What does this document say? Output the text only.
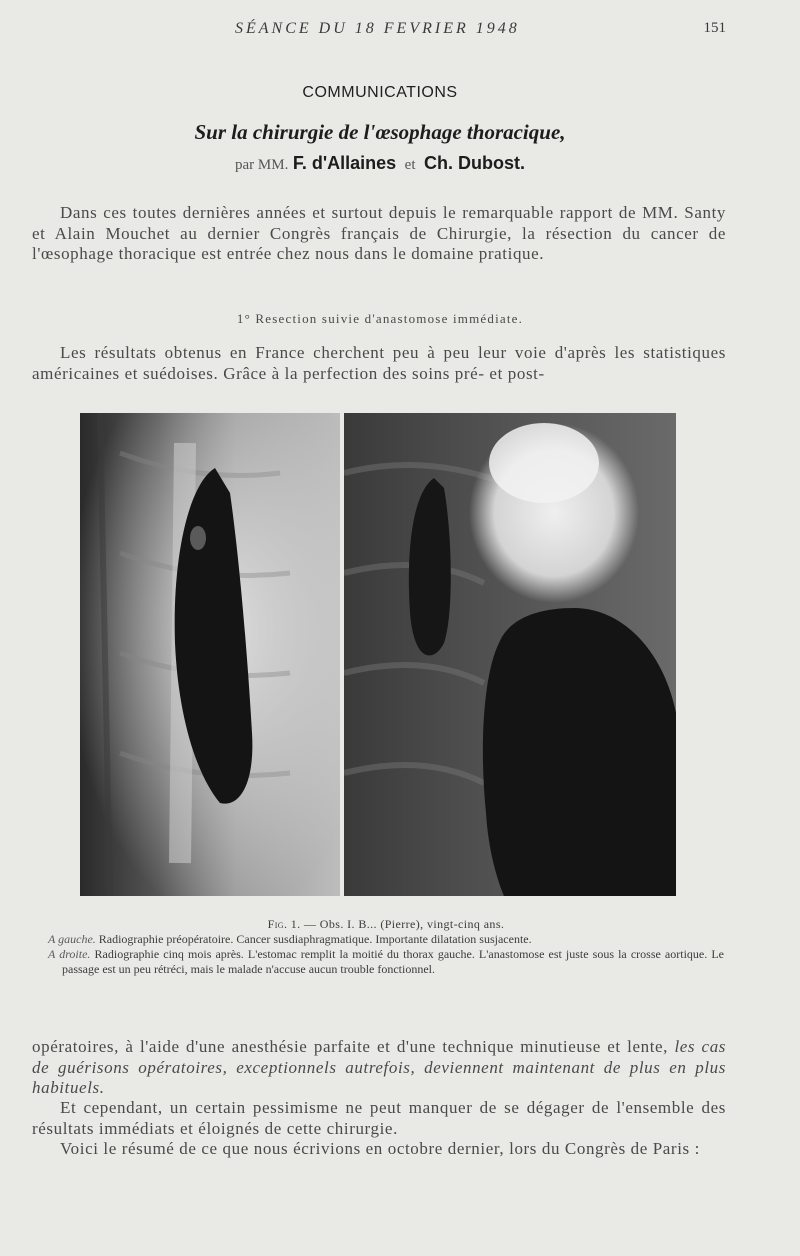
SÉANCE DU 18 FEVRIER 1948	151
COMMUNICATIONS
Sur la chirurgie de l'œsophage thoracique,
par MM. F. d'Allaines et Ch. Dubost.

Dans ces toutes dernières années et surtout depuis le remarquable rapport de MM. Santy et Alain Mouchet au dernier Congrès français de Chirurgie, la résection du cancer de l'œsophage thoracique est entrée chez nous dans le domaine pratique.

1° Resection suivie d'anastomose immédiate.

Les résultats obtenus en France cherchent peu à peu leur voie d'après les statistiques américaines et suédoises. Grâce à la perfection des soins pré- et post-

Fig. 1. — Obs. I. B... (Pierre), vingt-cinq ans.

A gauche. Radiographie préopératoire. Cancer susdiaphragmatique. Importante dilatation susjacente.

A droite. Radiographie cinq mois après. L'estomac remplit la moitié du thorax gauche. L'anastomose est juste sous la crosse aortique. Le passage est un peu rétréci, mais le malade n'accuse aucun trouble fonctionnel.

opératoires, à l'aide d'une anesthésie parfaite et d'une technique minutieuse et lente, les cas de guérisons opératoires, exceptionnels autrefois, deviennent maintenant de plus en plus habituels.

Et cependant, un certain pessimisme ne peut manquer de se dégager de l'ensemble des résultats immédiats et éloignés de cette chirurgie.

Voici le résumé de ce que nous écrivions en octobre dernier, lors du Congrès de Paris :
